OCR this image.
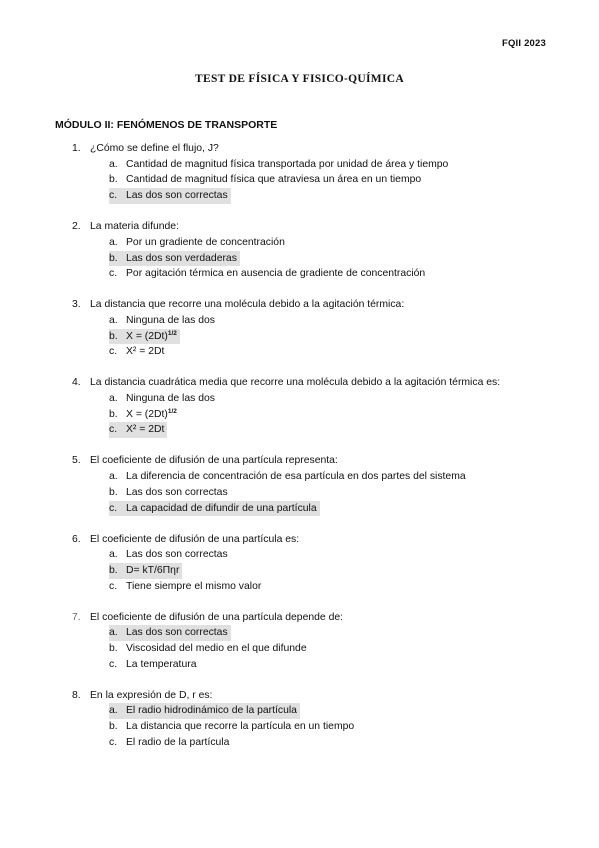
FQII 2023
TEST DE FÍSICA Y FISICO-QUÍMICA
MÓDULO II: FENÓMENOS DE TRANSPORTE
1. ¿Cómo se define el flujo, J?
a. Cantidad de magnitud física transportada por unidad de área y tiempo
b. Cantidad de magnitud física que atraviesa un área en un tiempo
c. Las dos son correctas
2. La materia difunde:
a. Por un gradiente de concentración
b. Las dos son verdaderas
c. Por agitación térmica en ausencia de gradiente de concentración
3. La distancia que recorre una molécula debido a la agitación térmica:
a. Ninguna de las dos
b. $X = (2Dt)^{1/2}$
c. X² = 2Dt
4. La distancia cuadrática media que recorre una molécula debido a la agitación térmica es:
a. Ninguna de las dos
b. $X = (2Dt)^{1/2}$
c. X² = 2Dt
5. El coeficiente de difusión de una partícula representa:
a. La diferencia de concentración de esa partícula en dos partes del sistema
b. Las dos son correctas
c. La capacidad de difundir de una partícula
6. El coeficiente de difusión de una partícula es:
a. Las dos son correctas
b. D= kT/6Πηr
c. Tiene siempre el mismo valor
7. El coeficiente de difusión de una partícula depende de:
a. Las dos son correctas
b. Viscosidad del medio en el que difunde
c. La temperatura
8. En la expresión de D, r es:
a. El radio hidrodinámico de la partícula
b. La distancia que recorre la partícula en un tiempo
c. El radio de la partícula
